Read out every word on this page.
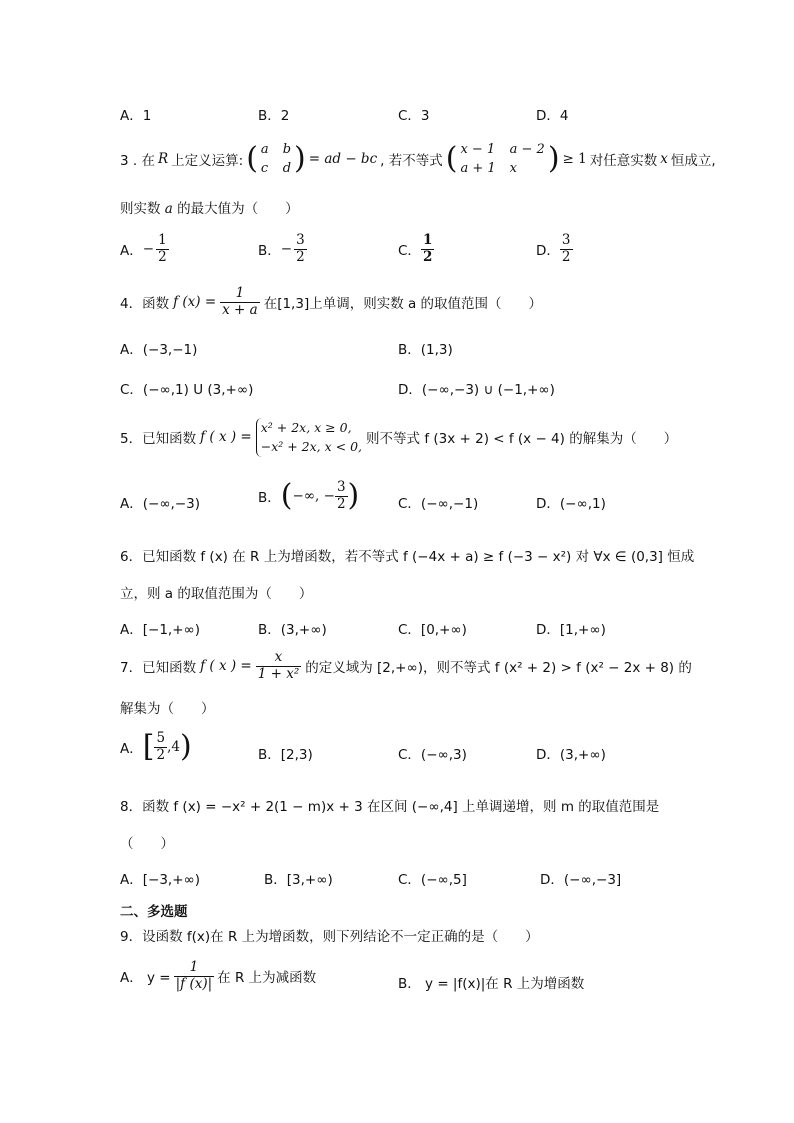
A．1	B．2	C．3	D．4
3 . 在 R 上定义运算: ( a b
c d ) = ad − bc , 若不等式 ( x − 1 a − 2
a + 1 x	) ≥ 1 对任意实数 x 恒成立,
则实数 a 的最大值为（　　）
A． − $\frac{1}{2}$	B． − $\frac{3}{2}$	C． $\frac{1}{2}$	D． $\frac{3}{2}$
4．函数 f $(x) = \frac{1}{x + a}$ 在[1,3]上单调，则实数 a 的取值范围（　　）
A．(−3,−1)	B．(1,3)
C．(−∞,1) U (3,+∞)	D．(−∞,−3) ∪ (−1,+∞)
5．已知函数 f ( x ) =
x² + 2x, x ≥ 0,
−x² + 2x, x < 0, 则不等式 f (3x + 2) < f (x − 4) 的解集为（　　）
A．(−∞,−3)	B． ( −∞, − $\frac{3}{2}$ )	C．(−∞,−1)	D．(−∞,1)
6．已知函数 f (x) 在 R 上为增函数，若不等式 f (−4x + a) ≥ f (−3 − x²) 对 ∀x ∈ (0,3] 恒成
立，则 a 的取值范围为（　　）
A．[−1,+∞)	B．(3,+∞)	C．[0,+∞)	D．[1,+∞)
7．已知函数 f ( x ) = $\frac{x}{\text{1 + x²}}$ 的定义域为 [2,+∞)，则不等式 f (x² + 2) > f (x² − 2x + 8) 的
解集为（　　）
A． [ $\frac{5}{2} ,4$ )	B．[2,3)	C．(−∞,3)	D．(3,+∞)
8．函数 f (x) = −x² + 2(1 − m)x + 3 在区间 (−∞,4] 上单调递增，则 m 的取值范围是
（　　）
A．[−3,+∞)	B．[3,+∞)	C．(−∞,5]	D．(−∞,−3]
二、多选题
9．设函数 f(x)在 R 上为增函数，则下列结论不一定正确的是（　　）
A． $y = \frac{1}{|f (x)|}$ 在 R 上为减函数	B． y = |f(x)|在 R 上为增函数
